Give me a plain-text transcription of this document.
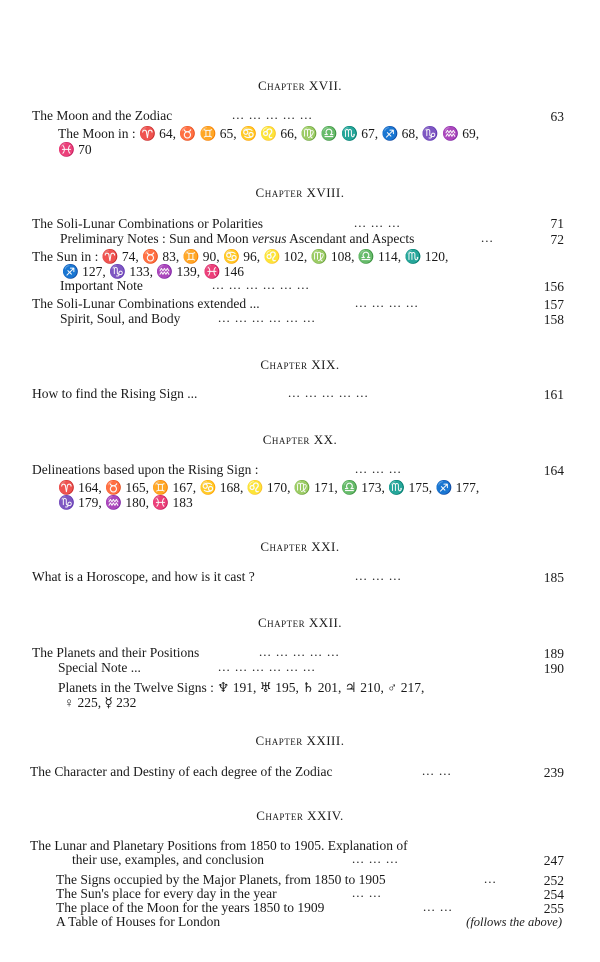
Chapter XVII.
The Moon and the Zodiac	... ... ... ... ...	63
The Moon in : ♈ 64, ♉ ♊ 65, ♋ ♌ 66, ♍ ♎ ♏ 67, ♐ 68, ♑ ♒ 69,
♓ 70
Chapter XVIII.
The Soli-Lunar Combinations or Polarities	... ... ...	71
Preliminary Notes : Sun and Moon versus Ascendant and Aspects	...	72
The Sun in : ♈ 74, ♉ 83, ♊ 90, ♋ 96, ♌ 102, ♍ 108, ♎ 114, ♏ 120,
♐ 127, ♑ 133, ♒ 139, ♓ 146
Important Note	... ... ... ... ... ...	156
The Soli-Lunar Combinations extended ...	... ... ... ...	157
Spirit, Soul, and Body	... ... ... ... ... ...	158
Chapter XIX.
How to find the Rising Sign ...	... ... ... ... ...	161
Chapter XX.
Delineations based upon the Rising Sign :	... ... ...	164
♈ 164, ♉ 165, ♊ 167, ♋ 168, ♌ 170, ♍ 171, ♎ 173, ♏ 175, ♐ 177,
♑ 179, ♒ 180, ♓ 183
Chapter XXI.
What is a Horoscope, and how is it cast ?	... ... ...	185
Chapter XXII.
The Planets and their Positions	... ... ... ... ...	189
Special Note ...	... ... ... ... ... ...	190
Planets in the Twelve Signs : ♆ 191, ♅ 195, ♄ 201, ♃ 210, ♂ 217,
♀ 225, ☿ 232
Chapter XXIII.
The Character and Destiny of each degree of the Zodiac	... ...	239
Chapter XXIV.
The Lunar and Planetary Positions from 1850 to 1905. Explanation of
their use, examples, and conclusion	... ... ...	247
The Signs occupied by the Major Planets, from 1850 to 1905	...	252
The Sun's place for every day in the year	... ...	254
The place of the Moon for the years 1850 to 1909	... ...	255
A Table of Houses for London	(follows the above)
